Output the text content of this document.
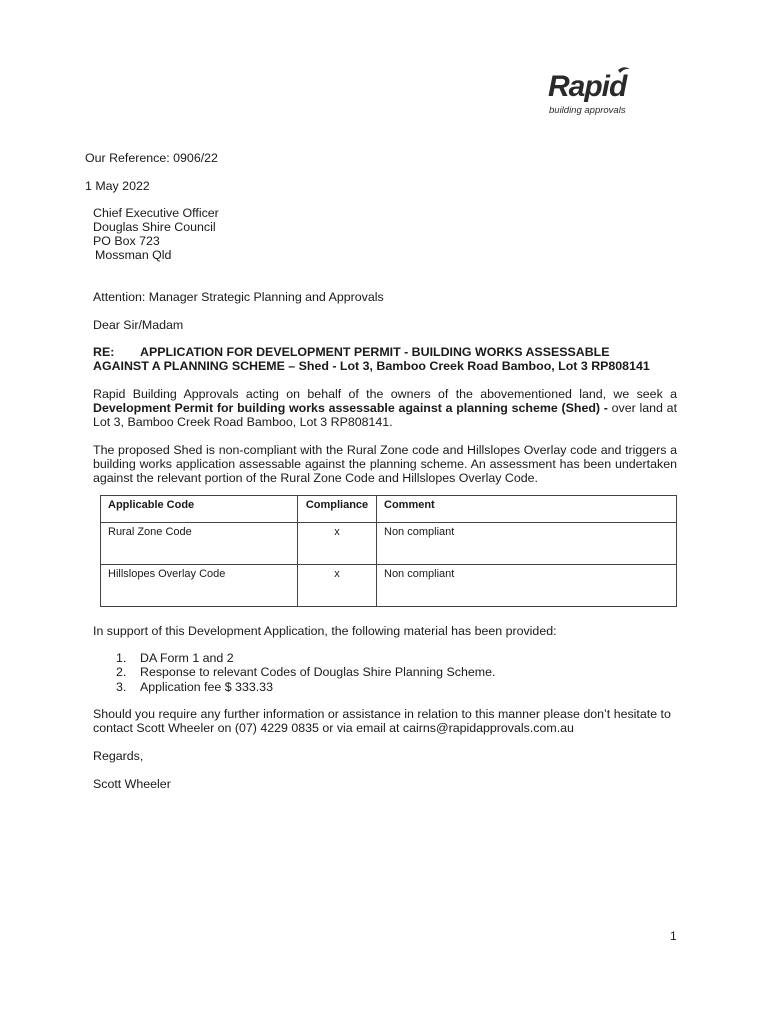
Rapid
building approvals
Our Reference: 0906/22
1 May 2022
Chief Executive Officer
Douglas Shire Council
PO Box 723
Mossman Qld
Attention: Manager Strategic Planning and Approvals
Dear Sir/Madam
RE: APPLICATION FOR DEVELOPMENT PERMIT - BUILDING WORKS ASSESSABLE
AGAINST A PLANNING SCHEME – Shed - Lot 3, Bamboo Creek Road Bamboo, Lot 3 RP808141
Rapid Building Approvals acting on behalf of the owners of the abovementioned land, we seek a Development Permit for building works assessable against a planning scheme (Shed) - over land at Lot 3, Bamboo Creek Road Bamboo, Lot 3 RP808141.
The proposed Shed is non-compliant with the Rural Zone code and Hillslopes Overlay code and triggers a building works application assessable against the planning scheme. An assessment has been undertaken against the relevant portion of the Rural Zone Code and Hillslopes Overlay Code.
Applicable Code	Compliance	Comment
Rural Zone Code	x	Non compliant
Hillslopes Overlay Code	x	Non compliant
In support of this Development Application, the following material has been provided:
1. DA Form 1 and 2
2. Response to relevant Codes of Douglas Shire Planning Scheme.
3. Application fee $ 333.33
Should you require any further information or assistance in relation to this manner please don’t hesitate to contact Scott Wheeler on (07) 4229 0835 or via email at cairns@rapidapprovals.com.au
Regards,
Scott Wheeler
1
